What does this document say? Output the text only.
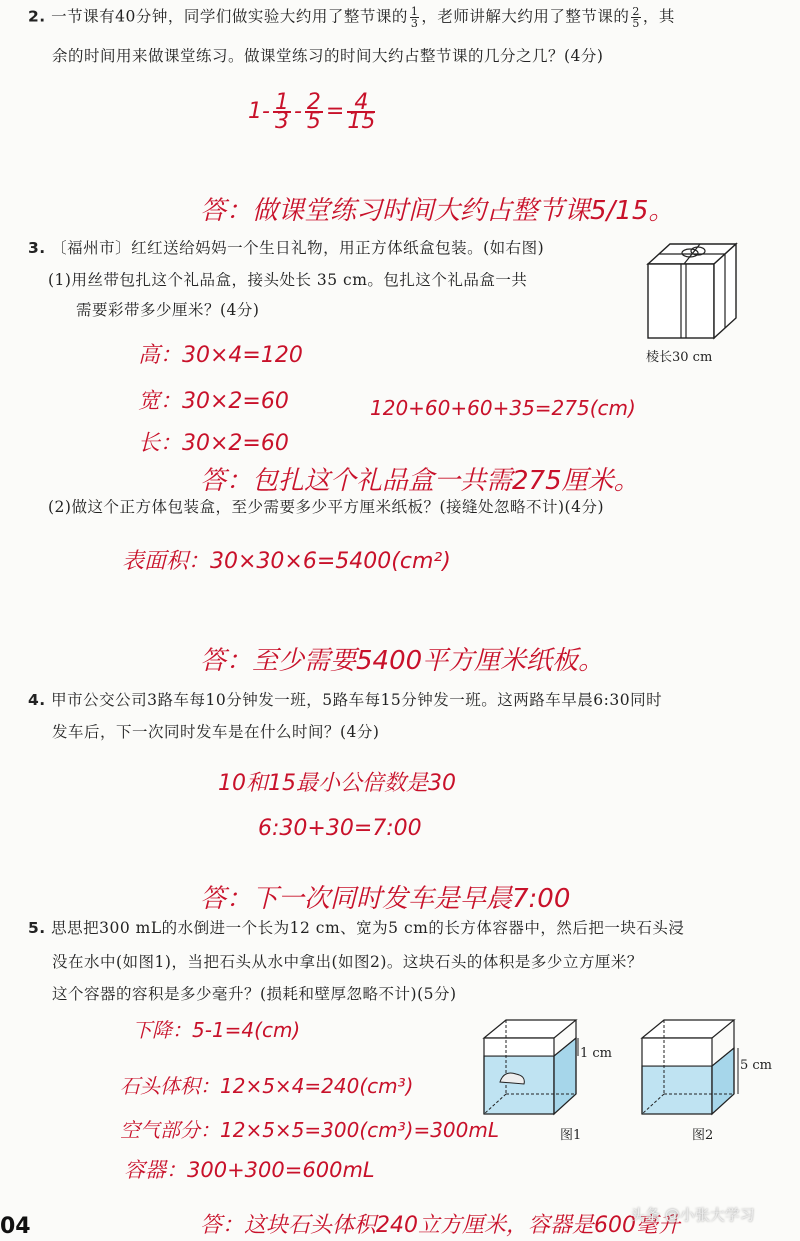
2. 一节课有40分钟，同学们做实验大约用了整节课的 $\frac{1}{3}$ ，老师讲解大约用了整节课的 $\frac{2}{5}$ ，其
余的时间用来做课堂练习。做课堂练习的时间大约占整节课的几分之几？(4分)
$1- \frac{1}{3} - \frac{2}{5} = \frac{4}{15}$
答：做课堂练习时间大约占整节课5/15。
3. 〔福州市〕红红送给妈妈一个生日礼物，用正方体纸盒包装。(如右图)
(1)用丝带包扎这个礼品盒，接头处长 35 cm。包扎这个礼品盒一共
需要彩带多少厘米？(4分)
棱长30 cm
高：30×4=120
宽：30×2=60
长：30×2=60
120+60+60+35=275(cm)
答：包扎这个礼品盒一共需275厘米。
(2)做这个正方体包装盒，至少需要多少平方厘米纸板？(接缝处忽略不计)(4分)
表面积：30×30×6=5400(cm²)
答：至少需要5400平方厘米纸板。
4. 甲市公交公司3路车每10分钟发一班，5路车每15分钟发一班。这两路车早晨6:30同时
发车后，下一次同时发车是在什么时间？(4分)
10和15最小公倍数是30
6:30+30=7:00
答：下一次同时发车是早晨7:00
5. 思思把300 mL的水倒进一个长为12 cm、宽为5 cm的长方体容器中，然后把一块石头浸
没在水中(如图1)，当把石头从水中拿出(如图2)。这块石头的体积是多少立方厘米？
这个容器的容积是多少毫升？(损耗和壁厚忽略不计)(5分)
下降：5-1=4(cm)
石头体积：12×5×4=240(cm³)
空气部分：12×5×5=300(cm³)=300mL
容器：300+300=600mL
1 cm
图1
5 cm
图2
答：这块石头体积240立方厘米，容器是600毫升
04	头条 @小张大学习
